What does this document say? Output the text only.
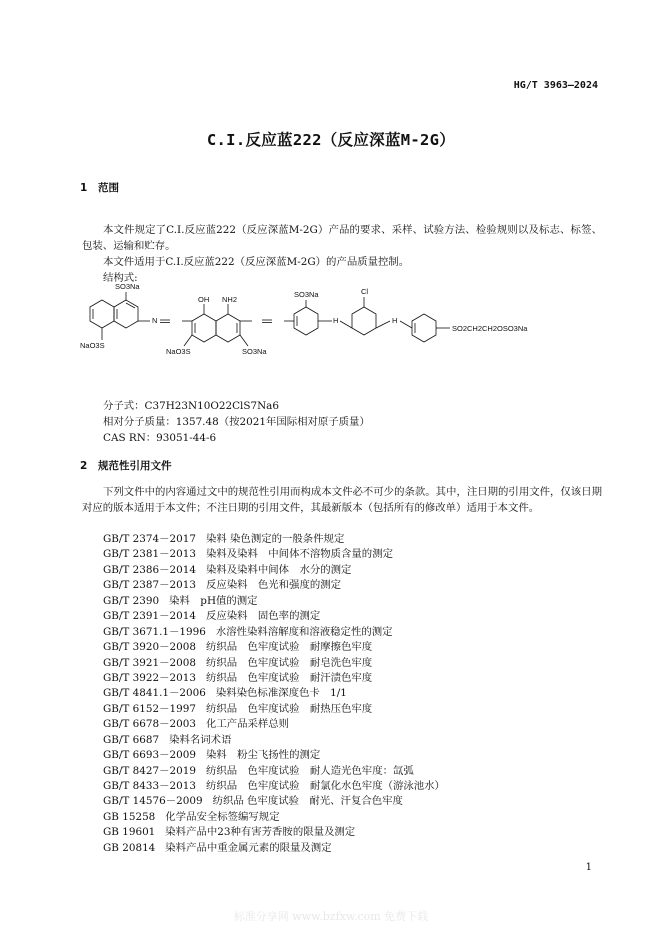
HG/T 3963—2024
C.I.反应蓝222（反应深蓝M-2G）
1 范围
本文件规定了C.I.反应蓝222（反应深蓝M-2G）产品的要求、采样、试验方法、检验规则以及标志、标签、包装、运输和贮存。
本文件适用于C.I.反应蓝222（反应深蓝M-2G）的产品质量控制。
结构式:
SO3Na
NaO3S
N
OH NH2
NaO3S	SO3Na
SO3Na
H
Cl
H
SO2CH2CH2OSO3Na
分子式：C37H23N10O22ClS7Na6
相对分子质量：1357.48（按2021年国际相对原子质量）
CAS RN：93051-44-6
2 规范性引用文件
下列文件中的内容通过文中的规范性引用而构成本文件必不可少的条款。其中，注日期的引用文件，仅该日期对应的版本适用于本文件；不注日期的引用文件，其最新版本（包括所有的修改单）适用于本文件。
GB/T 2374－2017 染料 染色测定的一般条件规定
GB/T 2381－2013 染料及染料　中间体不溶物质含量的测定
GB/T 2386－2014 染料及染料中间体　水分的测定
GB/T 2387－2013 反应染料　色光和强度的测定
GB/T 2390 染料　pH值的测定
GB/T 2391－2014 反应染料　固色率的测定
GB/T 3671.1－1996 水溶性染料溶解度和溶液稳定性的测定
GB/T 3920－2008 纺织品　色牢度试验　耐摩擦色牢度
GB/T 3921－2008 纺织品　色牢度试验　耐皂洗色牢度
GB/T 3922－2013 纺织品　色牢度试验　耐汗渍色牢度
GB/T 4841.1－2006 染料染色标准深度色卡　1/1
GB/T 6152－1997 纺织品　色牢度试验　耐热压色牢度
GB/T 6678－2003 化工产品采样总则
GB/T 6687 染料名词术语
GB/T 6693－2009 染料　粉尘飞扬性的测定
GB/T 8427－2019 纺织品　色牢度试验　耐人造光色牢度：氙弧
GB/T 8433－2013 纺织品　色牢度试验　耐氯化水色牢度（游泳池水）
GB/T 14576－2009 纺织品 色牢度试验　耐光、汗复合色牢度
GB 15258 化学品安全标签编写规定
GB 19601 染料产品中23种有害芳香胺的限量及测定
GB 20814 染料产品中重金属元素的限量及测定
1
标准分享网 www.bzfxw.com 免费下载
